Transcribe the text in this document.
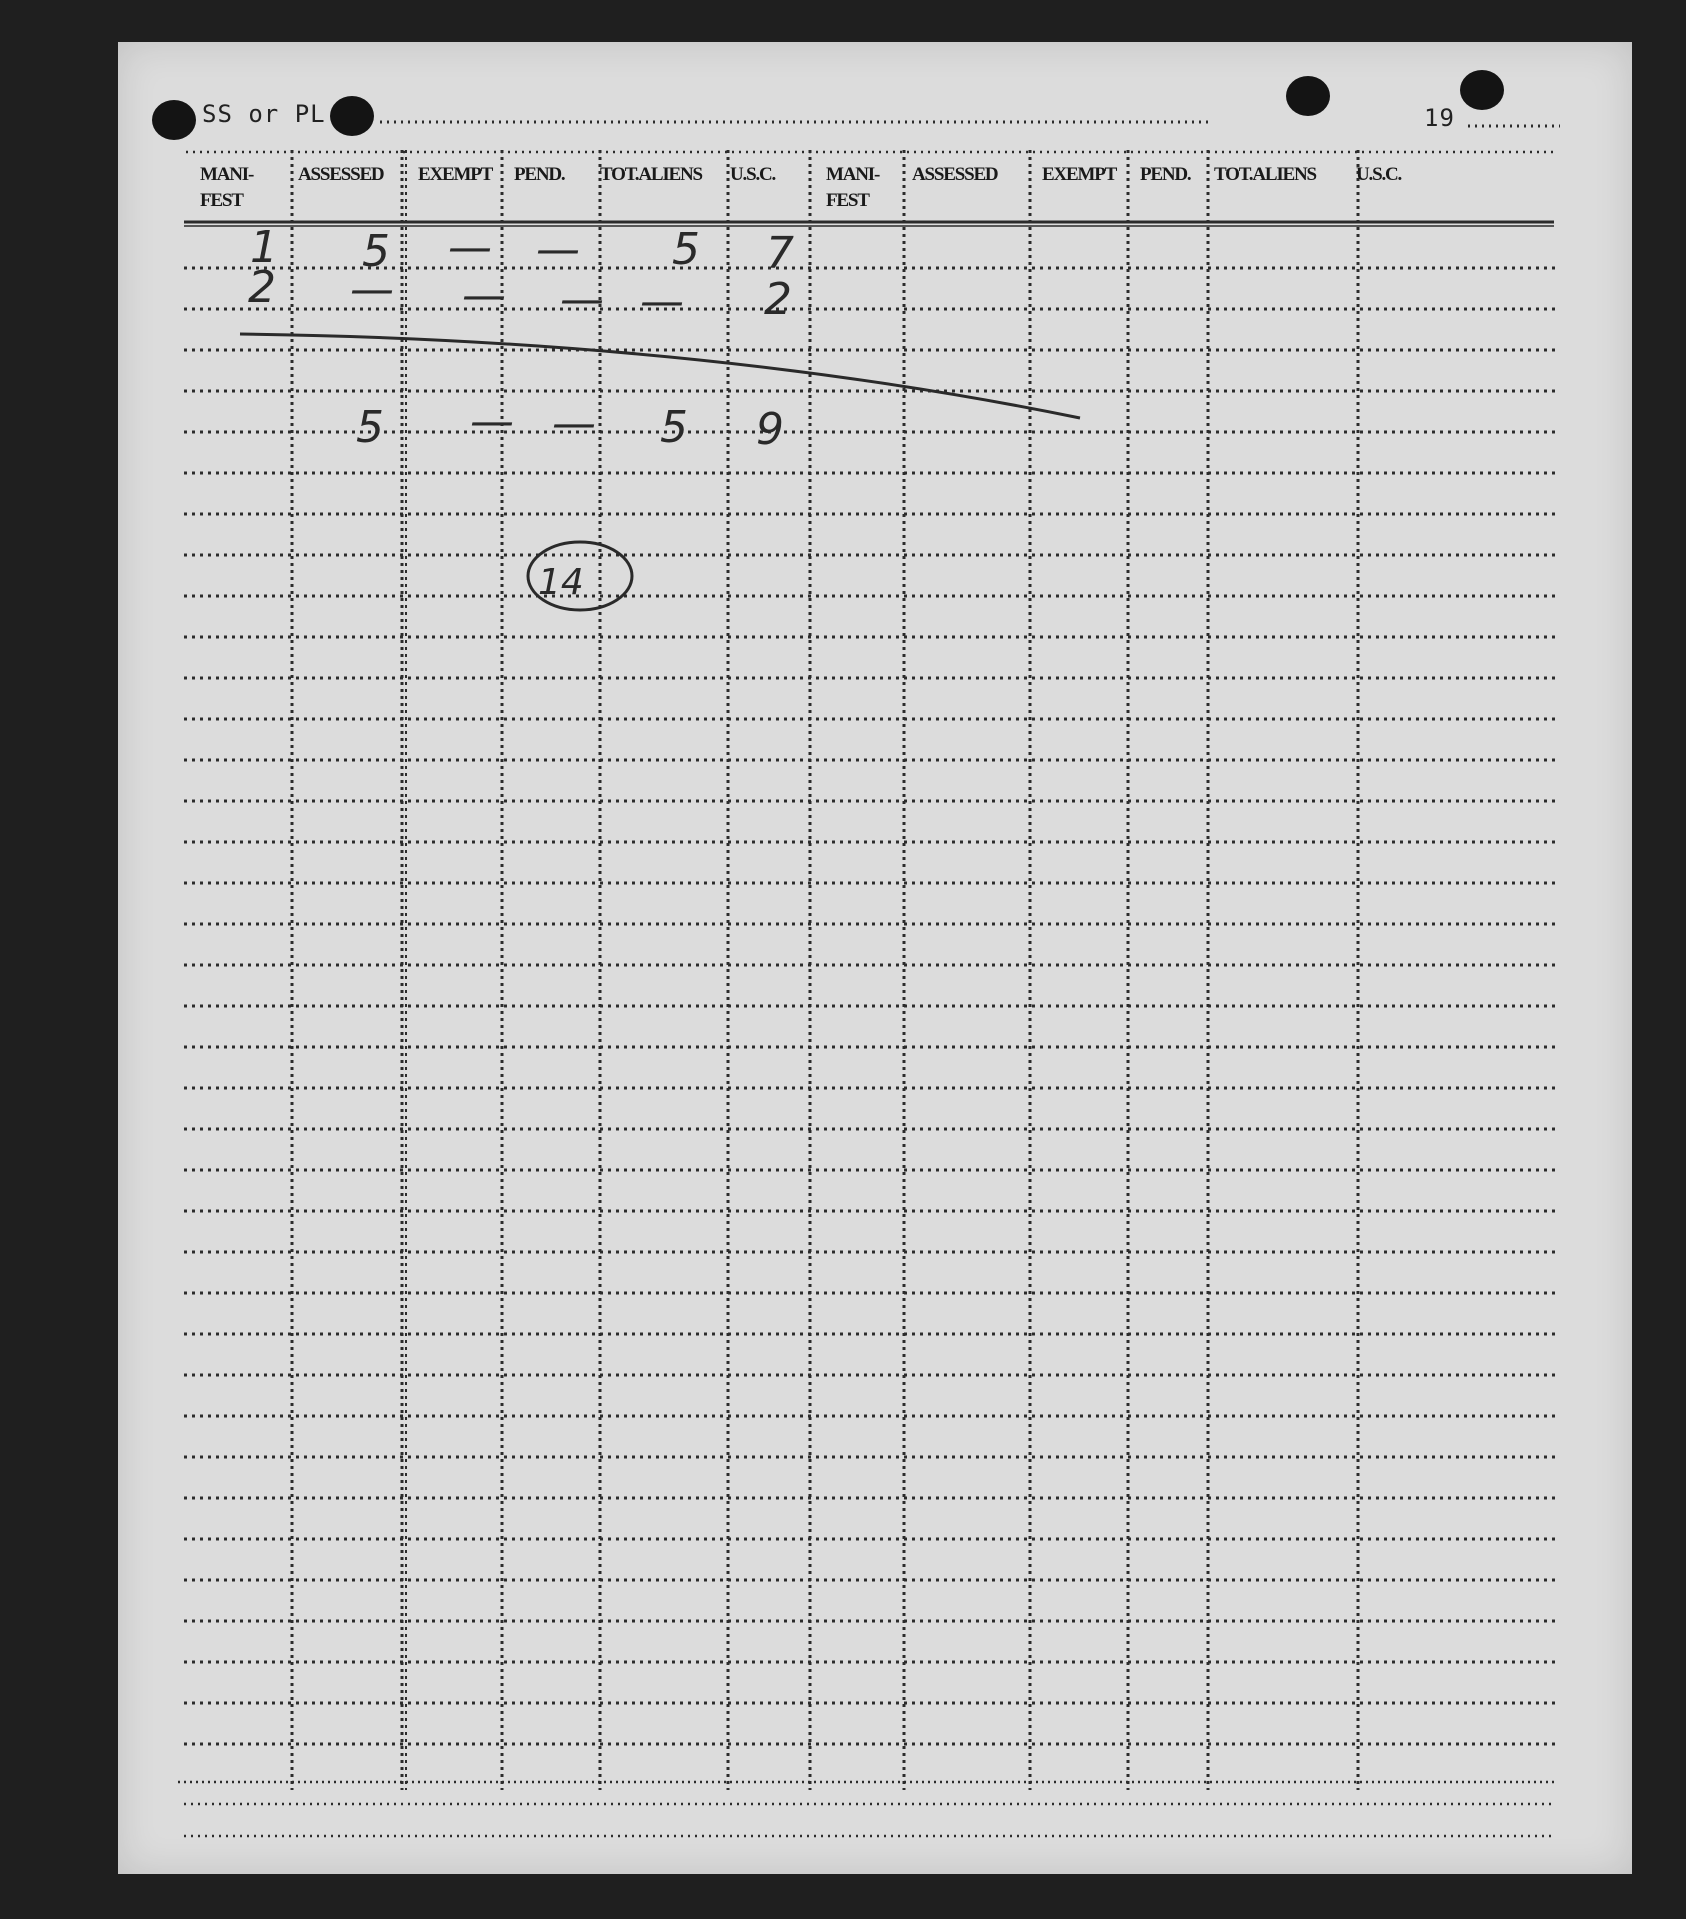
SS or PL	19
MANI-
FEST
ASSESSED EXEMPT PEND. TOT.ALIENS U.S.C.	MANI-
FEST
ASSESSED EXEMPT PEND. TOT.ALIENS U.S.C.
1 5 — — 5 7
2 — — — — 2
5 — — 5 9
14
